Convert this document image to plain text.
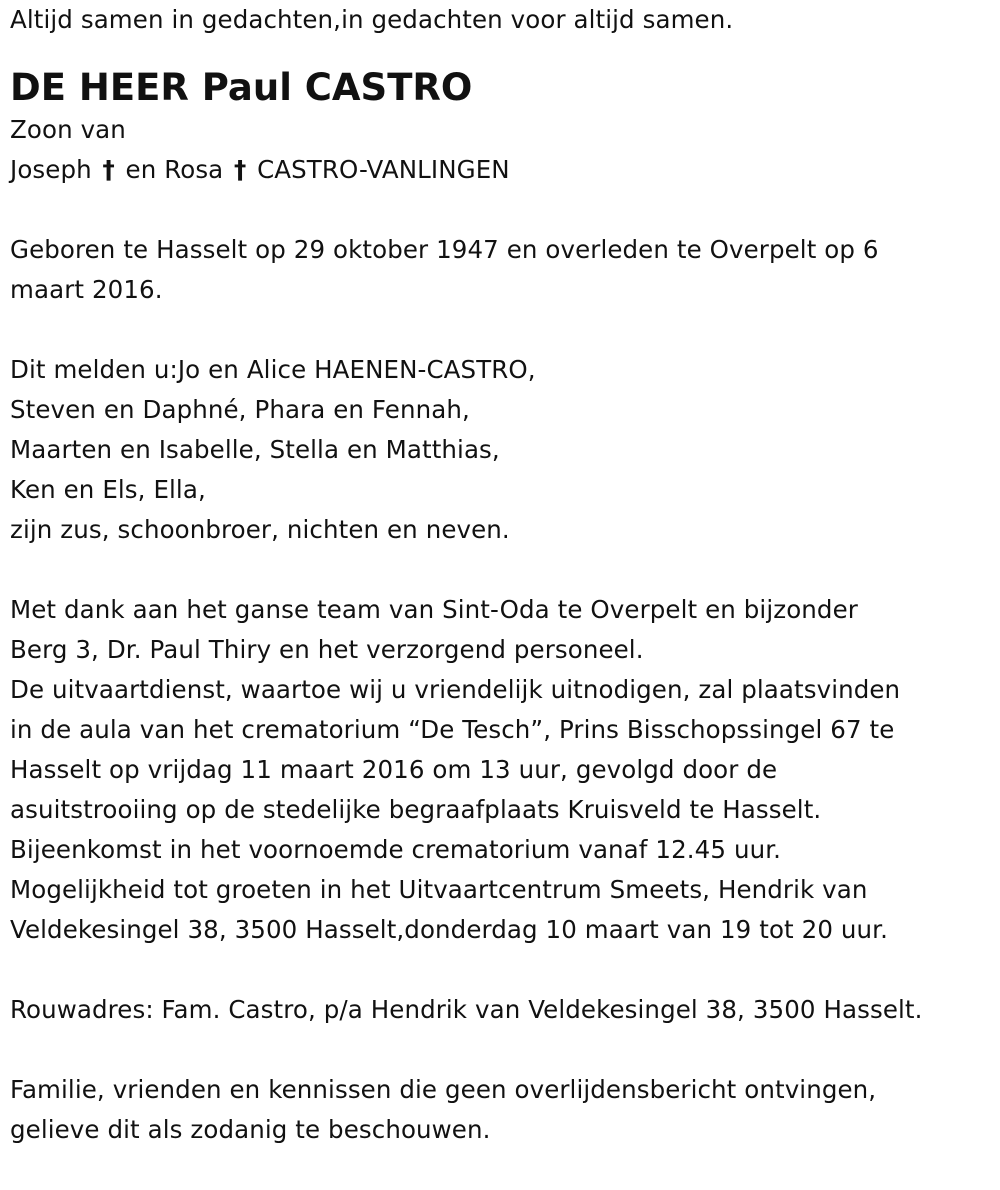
Altijd samen in gedachten,in gedachten voor altijd samen.
DE HEER Paul CASTRO
Zoon van
Joseph † en Rosa † CASTRO-VANLINGEN
Geboren te Hasselt op 29 oktober 1947 en overleden te Overpelt op 6
maart 2016.
Dit melden u:Jo en Alice HAENEN-CASTRO,
Steven en Daphné, Phara en Fennah,
Maarten en Isabelle, Stella en Matthias,
Ken en Els, Ella,
zijn zus, schoonbroer, nichten en neven.
Met dank aan het ganse team van Sint-Oda te Overpelt en bijzonder
Berg 3, Dr. Paul Thiry en het verzorgend personeel.
De uitvaartdienst, waartoe wij u vriendelijk uitnodigen, zal plaatsvinden
in de aula van het crematorium “De Tesch”, Prins Bisschopssingel 67 te
Hasselt op vrijdag 11 maart 2016 om 13 uur, gevolgd door de
asuitstrooiing op de stedelijke begraafplaats Kruisveld te Hasselt.
Bijeenkomst in het voornoemde crematorium vanaf 12.45 uur.
Mogelijkheid tot groeten in het Uitvaartcentrum Smeets, Hendrik van
Veldekesingel 38, 3500 Hasselt,donderdag 10 maart van 19 tot 20 uur.
Rouwadres: Fam. Castro, p/a Hendrik van Veldekesingel 38, 3500 Hasselt.
Familie, vrienden en kennissen die geen overlijdensbericht ontvingen,
gelieve dit als zodanig te beschouwen.
